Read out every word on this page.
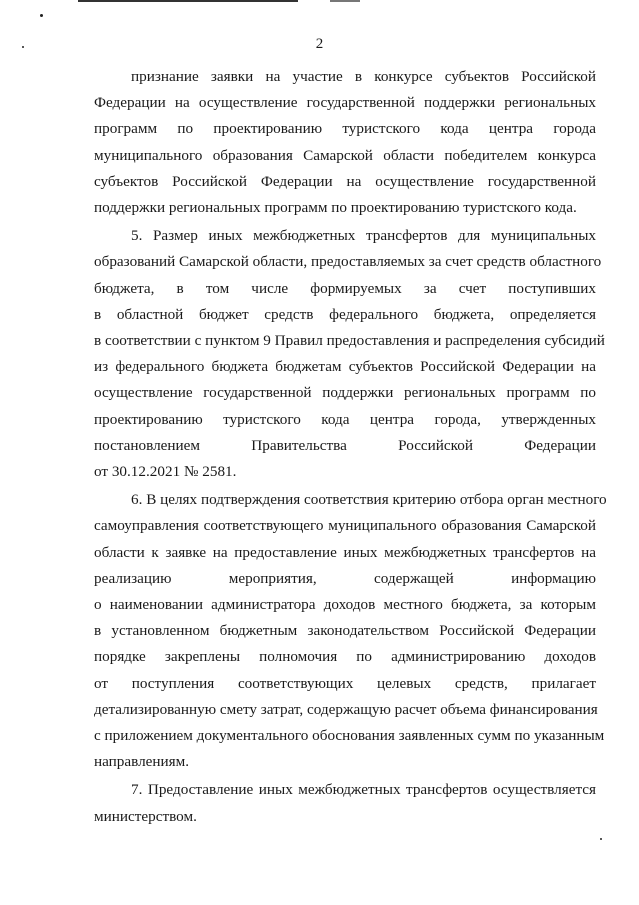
2
признание заявки на участие в конкурсе субъектов Российской
Федерации на осуществление государственной поддержки региональных
программ по проектированию туристского кода центра города
муниципального образования Самарской области победителем конкурса
субъектов Российской Федерации на осуществление государственной
поддержки региональных программ по проектированию туристского кода.
5. Размер иных межбюджетных трансфертов для муниципальных
образований Самарской области, предоставляемых за счет средств областного
бюджета, в том числе формируемых за счет поступивших
в областной бюджет средств федерального бюджета, определяется
в соответствии с пунктом 9 Правил предоставления и распределения субсидий
из федерального бюджета бюджетам субъектов Российской Федерации на
осуществление государственной поддержки региональных программ по
проектированию туристского кода центра города, утвержденных
постановлением Правительства Российской Федерации
от 30.12.2021 № 2581.
6. В целях подтверждения соответствия критерию отбора орган местного
самоуправления соответствующего муниципального образования Самарской
области к заявке на предоставление иных межбюджетных трансфертов на
реализацию мероприятия, содержащей информацию
о наименовании администратора доходов местного бюджета, за которым
в установленном бюджетным законодательством Российской Федерации
порядке закреплены полномочия по администрированию доходов
от поступления соответствующих целевых средств, прилагает
детализированную смету затрат, содержащую расчет объема финансирования
с приложением документального обоснования заявленных сумм по указанным
направлениям.
7. Предоставление иных межбюджетных трансфертов осуществляется
министерством.
